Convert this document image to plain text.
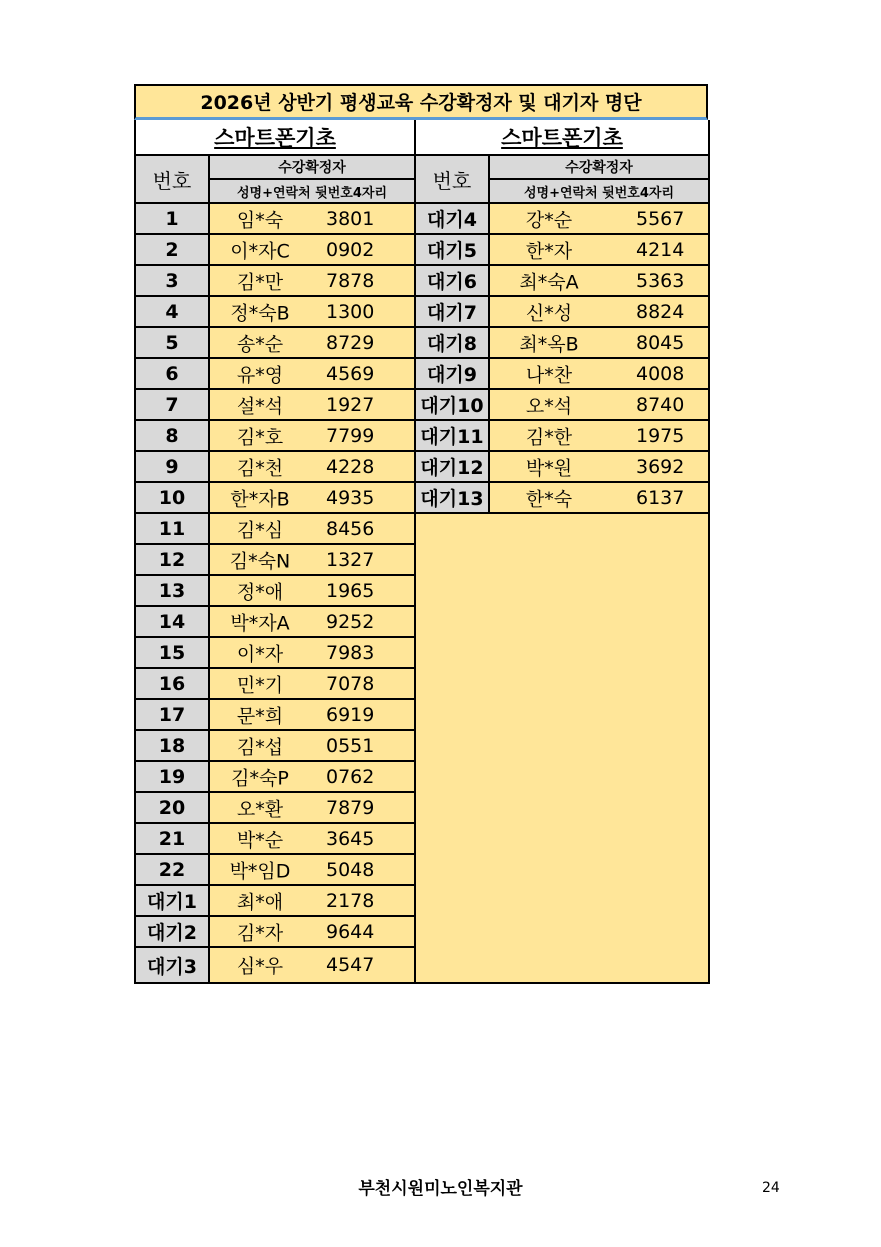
2026년 상반기 평생교육 수강확정자 및 대기자 명단
스마트폰기초	
번호	수강확정자
	성명+연락처 뒷번호4자리
1	임*숙 3801

2	이*자C 0902

3	김*만 7878

4	정*숙B 1300

5	송*순 8729

6	유*영 4569

7	설*석 1927

8	김*호 7799

9	김*천 4228

10	한*자B 4935

11	김*심 8456

12	김*숙N 1327

13	정*애 1965

14	박*자A 9252

15	이*자 7983

16	민*기 7078

17	문*희 6919

18	김*섭 0551

19	김*숙P 0762

20	오*환 7879

21	박*순 3645

22	박*임D 5048

대기1	최*애 2178

대기2	김*자 9644

대기3	심*우 4547
스마트폰기초	
번호	수강확정자
	성명+연락처 뒷번호4자리
대기4	강*순 5567

대기5	한*자 4214

대기6	최*숙A 5363

대기7	신*성 8824

대기8	최*옥B 8045

대기9	나*찬 4008

대기10	오*석 8740

대기11	김*한 1975

대기12	박*원 3692

대기13	한*숙 6137

부천시원미노인복지관	24
